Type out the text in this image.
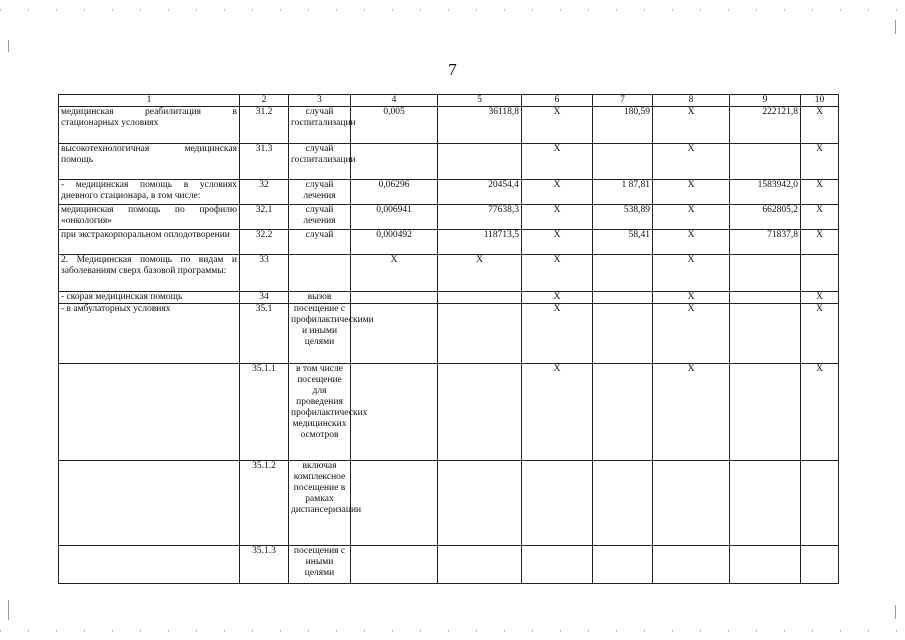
7
1	2	3	4	5	6	7	8	9	10
медицинская реабилитация в стационарных условиях	31.2	случай госпитализации	0,005	36118,8	X	180,59	X	222121,8	X
высокотехнологичная медицинская помощь	31.3	случай госпитализации			X		X		X
- медицинская помощь в условиях дневного стационара, в том числе:	32	случай лечения	0,06296	20454,4	X	1 87,81	X	1583942,0	X
медицинская помощь по профилю «онкология»	32.1	случай лечения	0,006941	77638,3	X	538,89	X	662805,2	X
при экстракорпоральном оплодотворении	32.2	случай	0,000492	118713,5	X	58,41	X	71837,8	X
2. Медицинская помощь по видам и заболеваниям сверх базовой программы:	33		X	X	X		X		
- скорая медицинская помощь	34	вызов			X		X		X
- в амбулаторных условиях	35.1	посещение с профилактическими и иными целями			X		X		X
	35.1.1	в том числе посещение для проведения профилактических медицинских осмотров			X		X		X
	35.1.2	включая комплексное посещение в рамках диспансеризации							
	35.1.3	посещения с иными целями							
